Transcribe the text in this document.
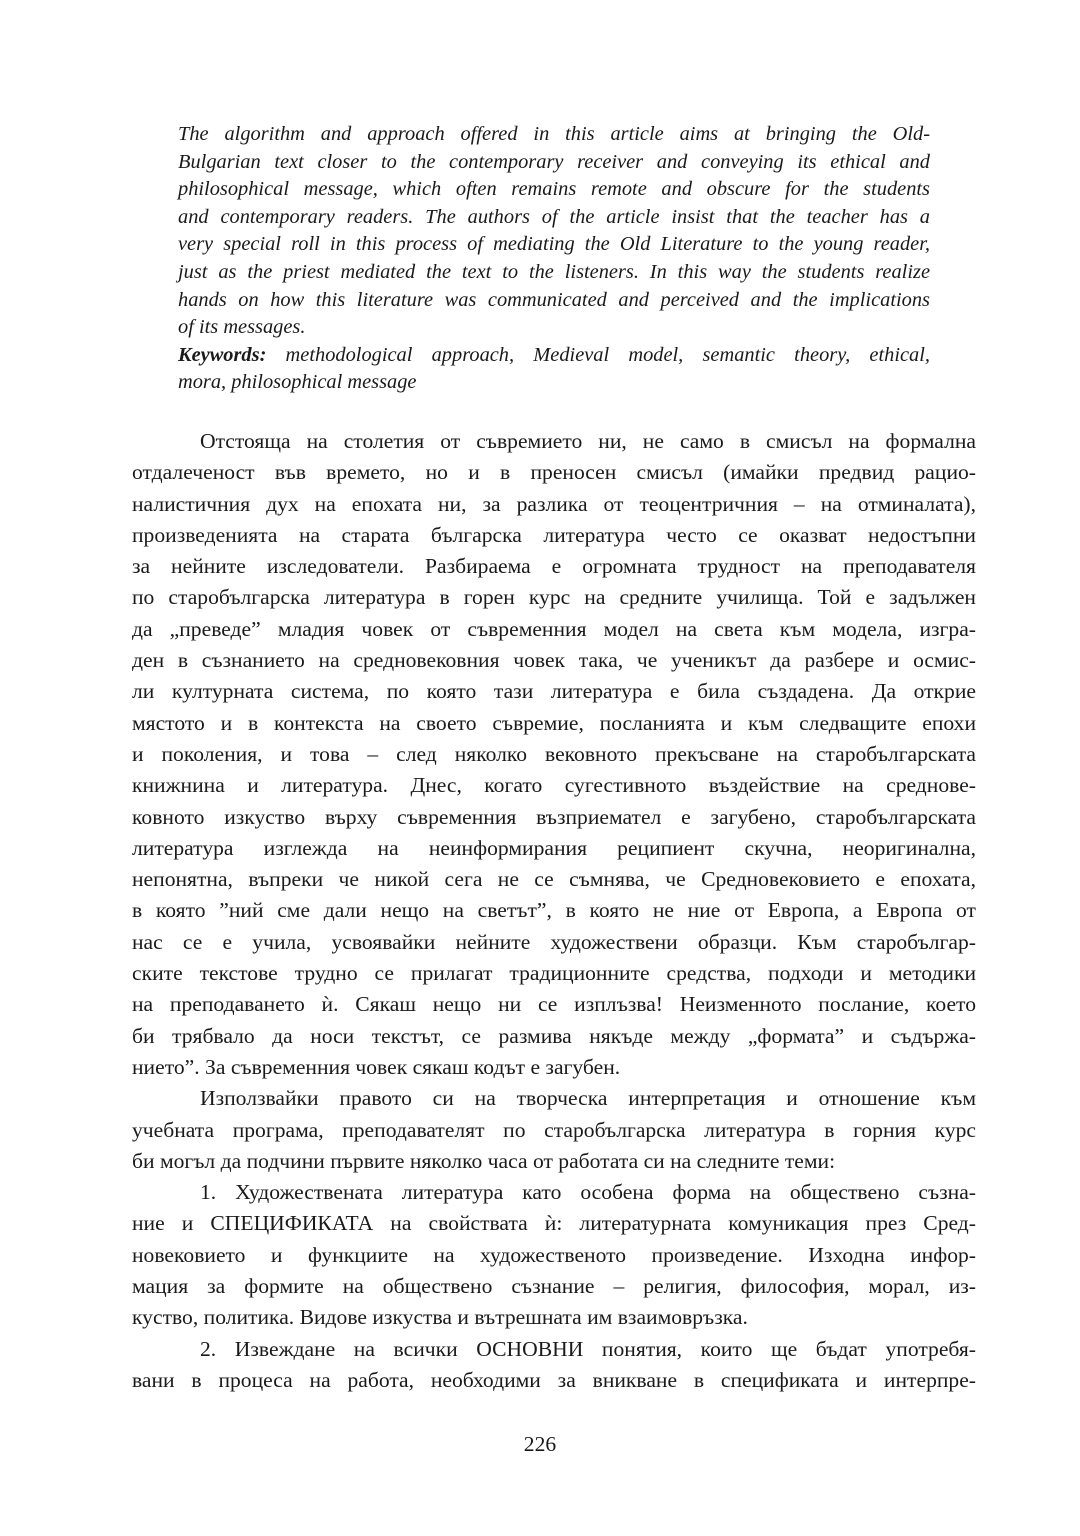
The algorithm and approach offered in this article aims at bringing the Old-
Bulgarian text closer to the contemporary receiver and conveying its ethical and
philosophical message, which often remains remote and obscure for the students
and contemporary readers. The authors of the article insist that the teacher has a
very special roll in this process of mediating the Old Literature to the young reader,
just as the priest mediated the text to the listeners. In this way the students realize
hands on how this literature was communicated and perceived and the implications
of its messages.
Keywords: methodological approach, Medieval model, semantic theory, ethical,
mora, philosophical message
Отстояща на столетия от съвремието ни, не само в смисъл на формална
отдалеченост във времето, но и в преносен смисъл (имайки предвид рацио-
налистичния дух на епохата ни, за разлика от теоцентричния – на отминалата),
произведенията на старата българска литература често се оказват недостъпни
за нейните изследователи. Разбираема е огромната трудност на преподавателя
по старобългарска литература в горен курс на средните училища. Той е задължен
да „преведе” младия човек от съвременния модел на света към модела, изгра-
ден в съзнанието на средновековния човек така, че ученикът да разбере и осмис-
ли културната система, по която тази литература е била създадена. Да открие
мястото и в контекста на своето съвремие, посланията и към следващите епохи
и поколения, и това – след няколко вековното прекъсване на старобългарската
книжнина и литература. Днес, когато сугестивното въздействие на среднове-
ковното изкуство върху съвременния възприемател е загубено, старобългарската
литература изглежда на неинформирания реципиент скучна, неоригинална,
непонятна, въпреки че никой сега не се съмнява, че Средновековието е епохата,
в която ”ний сме дали нещо на светът”, в която не ние от Европа, а Европа от
нас се е учила, усвоявайки нейните художествени образци. Към старобългар-
ските текстове трудно се прилагат традиционните средства, подходи и методики
на преподаването ѝ. Сякаш нещо ни се изплъзва! Неизменното послание, което
би трябвало да носи текстът, се размива някъде между „формата” и съдържа-
нието”. За съвременния човек сякаш кодът е загубен.
Използвайки правото си на творческа интерпретация и отношение към
учебната програма, преподавателят по старобългарска литература в горния курс
би могъл да подчини първите няколко часа от работата си на следните теми:
1. Художествената литература като особена форма на обществено съзна-
ние и СПЕЦИФИКАТА на свойствата ѝ: литературната комуникация през Сред-
новековието и функциите на художественото произведение. Изходна инфор-
мация за формите на обществено съзнание – религия, философия, морал, из-
куство, политика. Видове изкуства и вътрешната им взаимовръзка.
2. Извеждане на всички ОСНОВНИ понятия, които ще бъдат употребя-
вани в процеса на работа, необходими за вникване в спецификата и интерпре-
226
